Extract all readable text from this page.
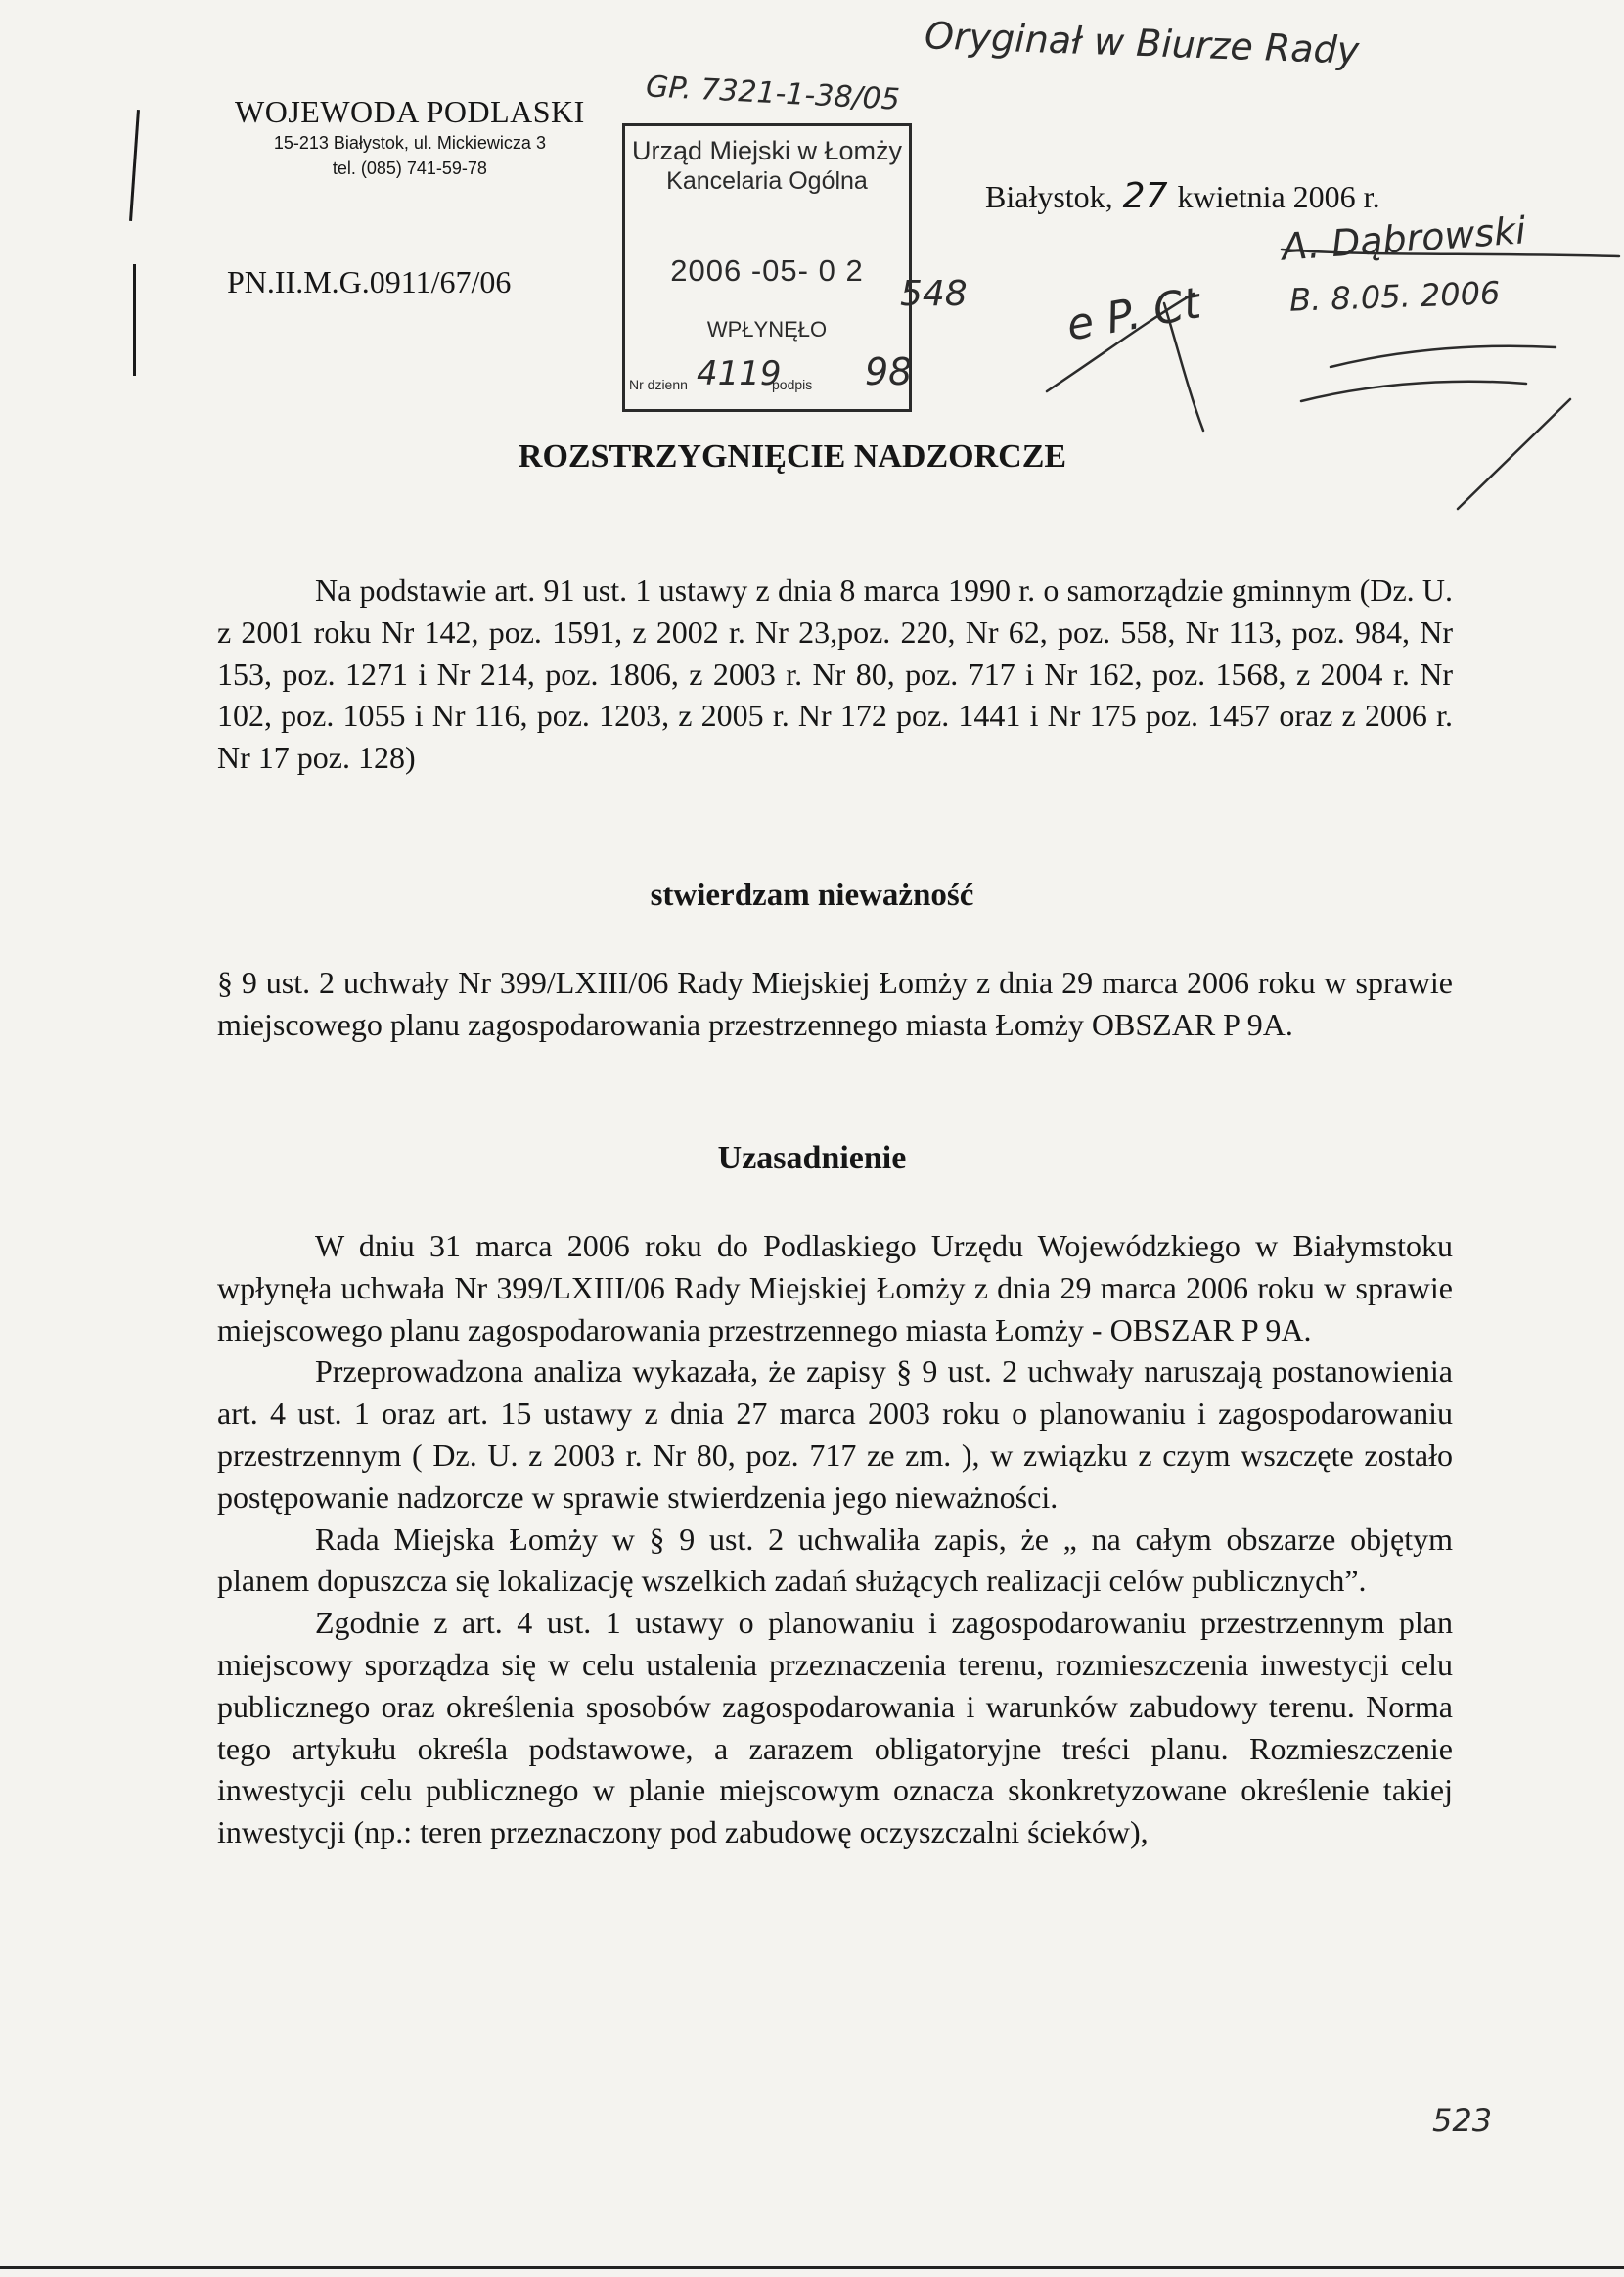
WOJEWODA PODLASKI
15-213 Białystok, ul. Mickiewicza 3
tel. (085) 741-59-78
PN.II.M.G.0911/67/06
Urząd Miejski w Łomży
Kancelaria Ogólna
2006 -05- 0 2
WPŁYNĘŁO
Nr dzienn	podpis
Oryginał w Biurze Rady
GP. 7321-1-38/05
4119 98
548 e P. Ct
A. Dąbrowski
B. 8.05. 2006
523
Białystok, 27 kwietnia 2006 r.
ROZSTRZYGNIĘCIE NADZORCZE

Na podstawie art. 91 ust. 1 ustawy z dnia 8 marca 1990 r. o samorządzie gminnym (Dz. U. z 2001 roku Nr 142, poz. 1591, z 2002 r. Nr 23,poz. 220, Nr 62, poz. 558, Nr 113, poz. 984, Nr 153, poz. 1271 i Nr 214, poz. 1806, z 2003 r. Nr 80, poz. 717 i Nr 162, poz. 1568, z 2004 r. Nr 102, poz. 1055 i Nr 116, poz. 1203, z 2005 r. Nr 172 poz. 1441 i Nr 175 poz. 1457 oraz z 2006 r. Nr 17 poz. 128)

stwierdzam nieważność

§ 9 ust. 2 uchwały Nr 399/LXIII/06 Rady Miejskiej Łomży z dnia 29 marca 2006 roku w sprawie miejscowego planu zagospodarowania przestrzennego miasta Łomży OBSZAR P 9A.

Uzasadnienie

W dniu 31 marca 2006 roku do Podlaskiego Urzędu Wojewódzkiego w Białymstoku wpłynęła uchwała Nr 399/LXIII/06 Rady Miejskiej Łomży z dnia 29 marca 2006 roku w sprawie miejscowego planu zagospodarowania przestrzennego miasta Łomży - OBSZAR P 9A.

Przeprowadzona analiza wykazała, że zapisy § 9 ust. 2 uchwały naruszają postanowienia art. 4 ust. 1 oraz art. 15 ustawy z dnia 27 marca 2003 roku o planowaniu i zagospodarowaniu przestrzennym ( Dz. U. z 2003 r. Nr 80, poz. 717 ze zm. ), w związku z czym wszczęte zostało postępowanie nadzorcze w sprawie stwierdzenia jego nieważności.

Rada Miejska Łomży w § 9 ust. 2 uchwaliła zapis, że „ na całym obszarze objętym planem dopuszcza się lokalizację wszelkich zadań służących realizacji celów publicznych”.

Zgodnie z art. 4 ust. 1 ustawy o planowaniu i zagospodarowaniu przestrzennym plan miejscowy sporządza się w celu ustalenia przeznaczenia terenu, rozmieszczenia inwestycji celu publicznego oraz określenia sposobów zagospodarowania i warunków zabudowy terenu. Norma tego artykułu określa podstawowe, a zarazem obligatoryjne treści planu. Rozmieszczenie inwestycji celu publicznego w planie miejscowym oznacza skonkretyzowane określenie takiej inwestycji (np.: teren przeznaczony pod zabudowę oczyszczalni ścieków),
